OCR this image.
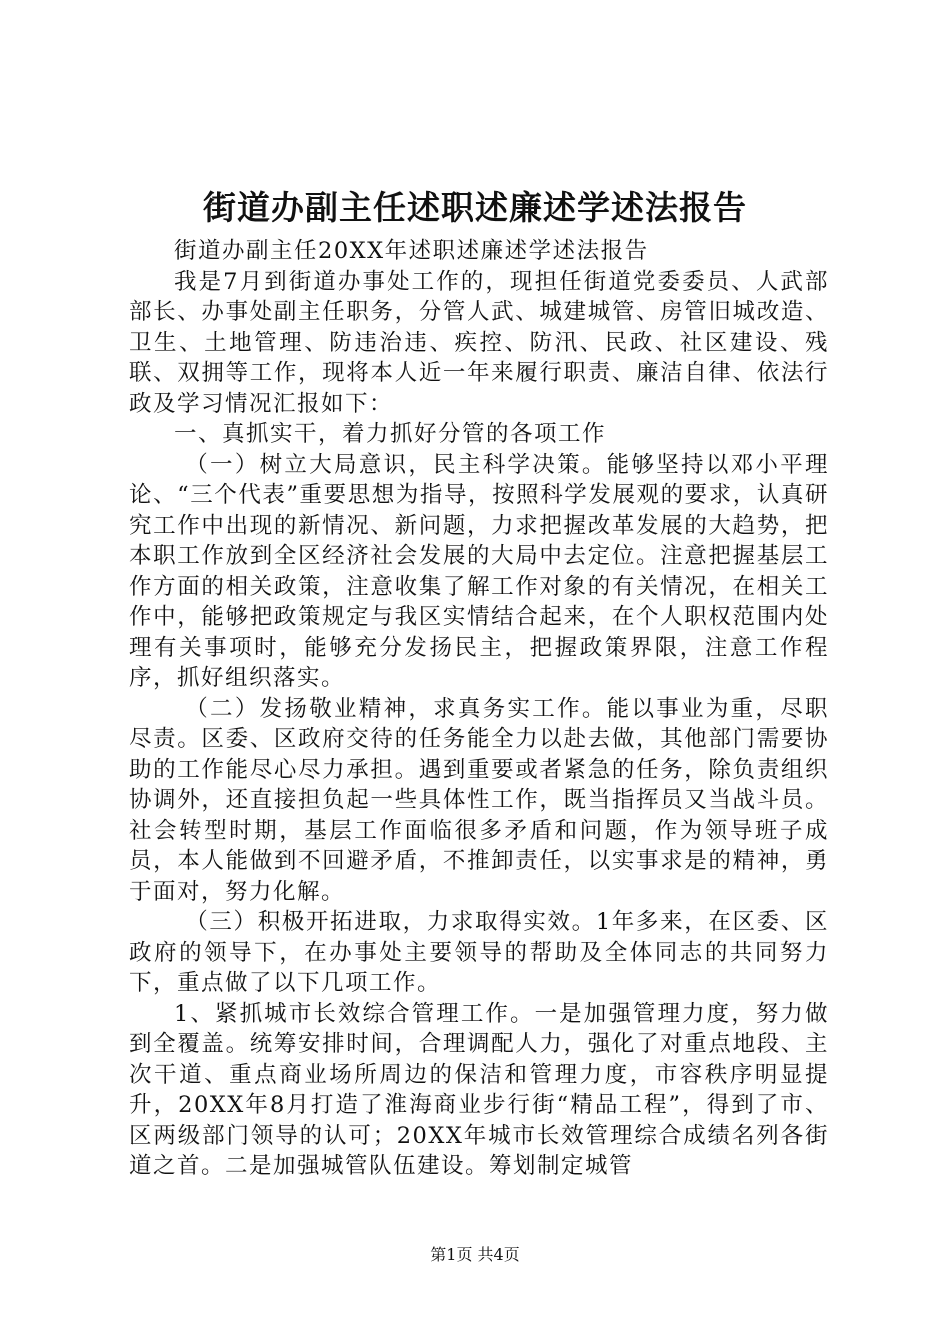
街道办副主任述职述廉述学述法报告

街道办副主任20XX年述职述廉述学述法报告

我是7月到街道办事处工作的，现担任街道党委委员、人武部部长、办事处副主任职务，分管人武、城建城管、房管旧城改造、卫生、土地管理、防违治违、疾控、防汛、民政、社区建设、残联、双拥等工作，现将本人近一年来履行职责、廉洁自律、依法行政及学习情况汇报如下：

一、真抓实干，着力抓好分管的各项工作

（一）树立大局意识，民主科学决策。能够坚持以邓小平理论、“三个代表”重要思想为指导，按照科学发展观的要求，认真研究工作中出现的新情况、新问题，力求把握改革发展的大趋势，把本职工作放到全区经济社会发展的大局中去定位。注意把握基层工作方面的相关政策，注意收集了解工作对象的有关情况，在相关工作中，能够把政策规定与我区实情结合起来，在个人职权范围内处理有关事项时，能够充分发扬民主，把握政策界限，注意工作程序，抓好组织落实。

（二）发扬敬业精神，求真务实工作。能以事业为重，尽职尽责。区委、区政府交待的任务能全力以赴去做，其他部门需要协助的工作能尽心尽力承担。遇到重要或者紧急的任务，除负责组织协调外，还直接担负起一些具体性工作，既当指挥员又当战斗员。社会转型时期，基层工作面临很多矛盾和问题，作为领导班子成员，本人能做到不回避矛盾，不推卸责任，以实事求是的精神，勇于面对，努力化解。

（三）积极开拓进取，力求取得实效。1年多来，在区委、区政府的领导下，在办事处主要领导的帮助及全体同志的共同努力下，重点做了以下几项工作。

1、紧抓城市长效综合管理工作。一是加强管理力度，努力做到全覆盖。统筹安排时间，合理调配人力，强化了对重点地段、主次干道、重点商业场所周边的保洁和管理力度，市容秩序明显提升，20XX年8月打造了淮海商业步行街“精品工程”，得到了市、区两级部门领导的认可；20XX年城市长效管理综合成绩名列各街道之首。二是加强城管队伍建设。筹划制定城管

第1页 共4页
